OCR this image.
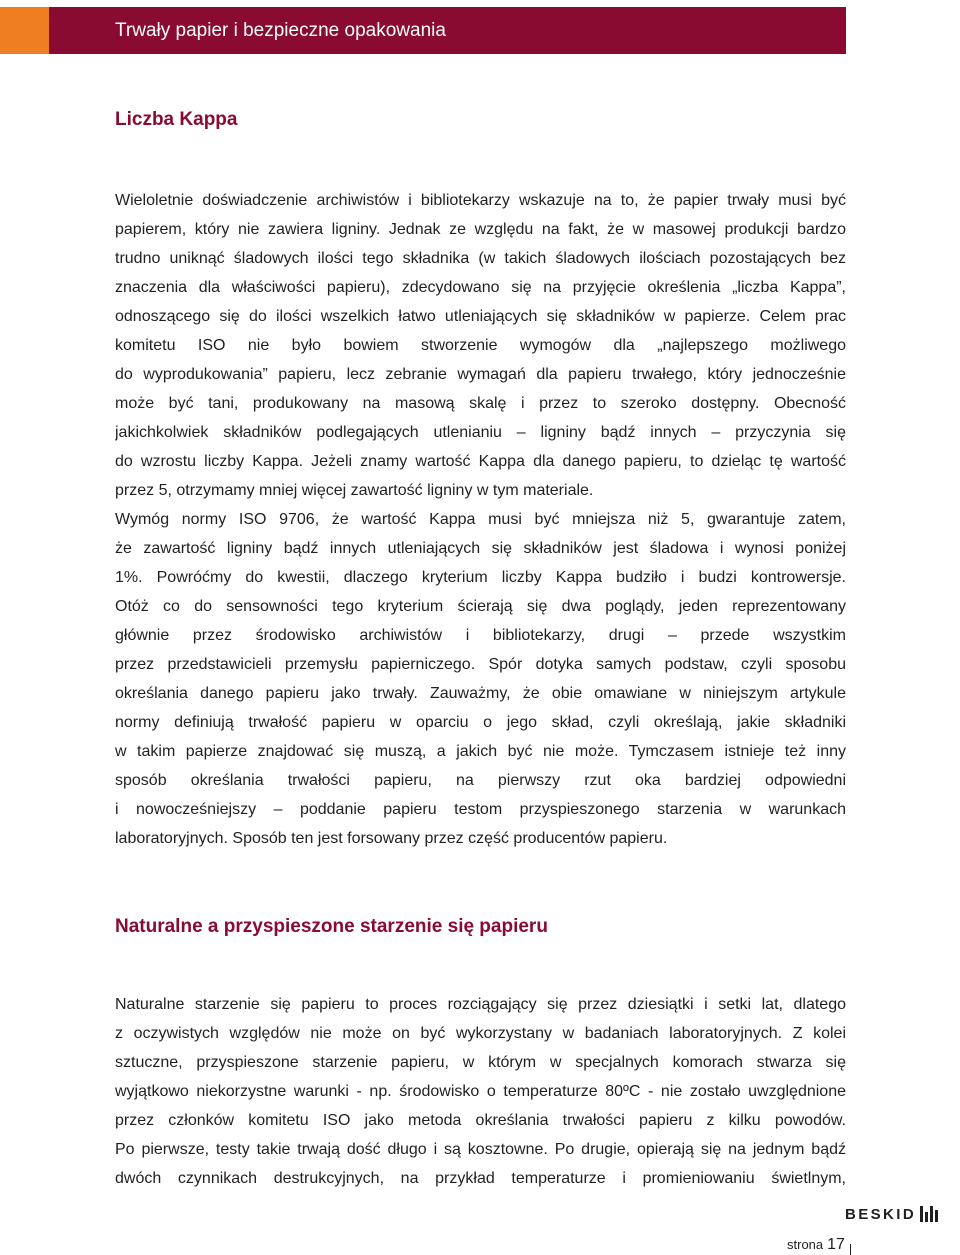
Trwały papier i bezpieczne opakowania
Liczba Kappa
Wieloletnie doświadczenie archiwistów i bibliotekarzy wskazuje na to, że papier trwały musi być
papierem, który nie zawiera ligniny. Jednak ze względu na fakt, że w masowej produkcji bardzo
trudno uniknąć śladowych ilości tego składnika (w takich śladowych ilościach pozostających bez
znaczenia dla właściwości papieru), zdecydowano się na przyjęcie określenia „liczba Kappa”,
odnoszącego się do ilości wszelkich łatwo utleniających się składników w papierze. Celem prac
komitetu ISO nie było bowiem stworzenie wymogów dla „najlepszego możliwego
do wyprodukowania” papieru, lecz zebranie wymagań dla papieru trwałego, który jednocześnie
może być tani, produkowany na masową skalę i przez to szeroko dostępny. Obecność
jakichkolwiek składników podlegających utlenianiu – ligniny bądź innych – przyczynia się
do wzrostu liczby Kappa. Jeżeli znamy wartość Kappa dla danego papieru, to dzieląc tę wartość
przez 5, otrzymamy mniej więcej zawartość ligniny w tym materiale.
Wymóg normy ISO 9706, że wartość Kappa musi być mniejsza niż 5, gwarantuje zatem,
że zawartość ligniny bądź innych utleniających się składników jest śladowa i wynosi poniżej
1%. Powróćmy do kwestii, dlaczego kryterium liczby Kappa budziło i budzi kontrowersje.
Otóż co do sensowności tego kryterium ścierają się dwa poglądy, jeden reprezentowany
głównie przez środowisko archiwistów i bibliotekarzy, drugi – przede wszystkim
przez przedstawicieli przemysłu papierniczego. Spór dotyka samych podstaw, czyli sposobu
określania danego papieru jako trwały. Zauważmy, że obie omawiane w niniejszym artykule
normy definiują trwałość papieru w oparciu o jego skład, czyli określają, jakie składniki
w takim papierze znajdować się muszą, a jakich być nie może. Tymczasem istnieje też inny
sposób określania trwałości papieru, na pierwszy rzut oka bardziej odpowiedni
i nowocześniejszy – poddanie papieru testom przyspieszonego starzenia w warunkach
laboratoryjnych. Sposób ten jest forsowany przez część producentów papieru.
Naturalne a przyspieszone starzenie się papieru
Naturalne starzenie się papieru to proces rozciągający się przez dziesiątki i setki lat, dlatego
z oczywistych względów nie może on być wykorzystany w badaniach laboratoryjnych. Z kolei
sztuczne, przyspieszone starzenie papieru, w którym w specjalnych komorach stwarza się
wyjątkowo niekorzystne warunki - np. środowisko o temperaturze 80ºC - nie zostało uwzględnione
przez członków komitetu ISO jako metoda określania trwałości papieru z kilku powodów.
Po pierwsze, testy takie trwają dość długo i są kosztowne. Po drugie, opierają się na jednym bądź
dwóch czynnikach destrukcyjnych, na przykład temperaturze i promieniowaniu świetlnym,
BESKID
strona 17
